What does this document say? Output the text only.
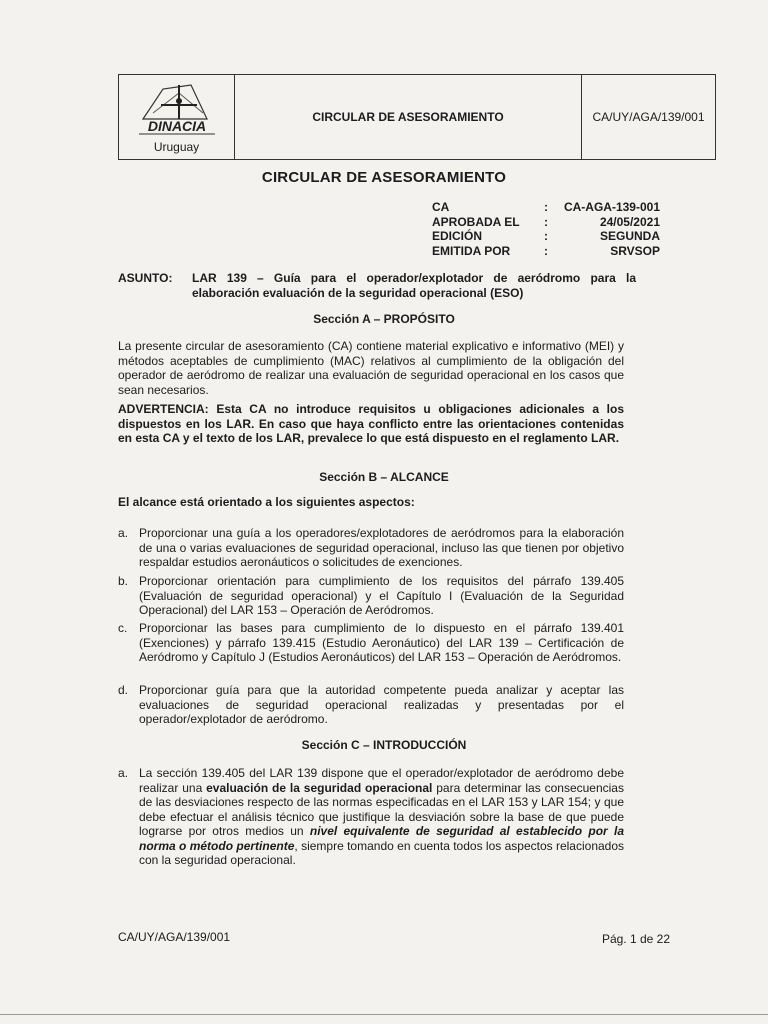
DINACIA
Uruguay
CIRCULAR DE ASESORAMIENTO	CA/UY/AGA/139/001
CIRCULAR DE ASESORAMIENTO
CA	:	CA-AGA-139-001
APROBADA EL	:	24/05/2021
EDICIÓN	:	SEGUNDA
EMITIDA POR	:	SRVSOP
ASUNTO:	LAR 139 – Guía para el operador/explotador de aeródromo para la elaboración evaluación de la seguridad operacional (ESO)
Sección A – PROPÓSITO
La presente circular de asesoramiento (CA) contiene material explicativo e informativo (MEI) y métodos aceptables de cumplimiento (MAC) relativos al cumplimiento de la obligación del operador de aeródromo de realizar una evaluación de seguridad operacional en los casos que sean necesarios.
ADVERTENCIA: Esta CA no introduce requisitos u obligaciones adicionales a los dispuestos en los LAR. En caso que haya conflicto entre las orientaciones contenidas en esta CA y el texto de los LAR, prevalece lo que está dispuesto en el reglamento LAR.
Sección B – ALCANCE
El alcance está orientado a los siguientes aspectos:
a. Proporcionar una guía a los operadores/explotadores de aeródromos para la elaboración de una o varias evaluaciones de seguridad operacional, incluso las que tienen por objetivo respaldar estudios aeronáuticos o solicitudes de exenciones.
b. Proporcionar orientación para cumplimiento de los requisitos del párrafo 139.405 (Evaluación de seguridad operacional) y el Capítulo I (Evaluación de la Seguridad Operacional) del LAR 153 – Operación de Aeródromos.
c. Proporcionar las bases para cumplimiento de lo dispuesto en el párrafo 139.401 (Exenciones) y párrafo 139.415 (Estudio Aeronáutico) del LAR 139 – Certificación de Aeródromo y Capítulo J (Estudios Aeronáuticos) del LAR 153 – Operación de Aeródromos.
d. Proporcionar guía para que la autoridad competente pueda analizar y aceptar las evaluaciones de seguridad operacional realizadas y presentadas por el operador/explotador de aeródromo.
Sección C – INTRODUCCIÓN
a. La sección 139.405 del LAR 139 dispone que el operador/explotador de aeródromo debe realizar una evaluación de la seguridad operacional para determinar las consecuencias de las desviaciones respecto de las normas especificadas en el LAR 153 y LAR 154; y que debe efectuar el análisis técnico que justifique la desviación sobre la base de que puede lograrse por otros medios un nivel equivalente de seguridad al establecido por la norma o método pertinente, siempre tomando en cuenta todos los aspectos relacionados con la seguridad operacional.
CA/UY/AGA/139/001	Pág. 1 de 22
